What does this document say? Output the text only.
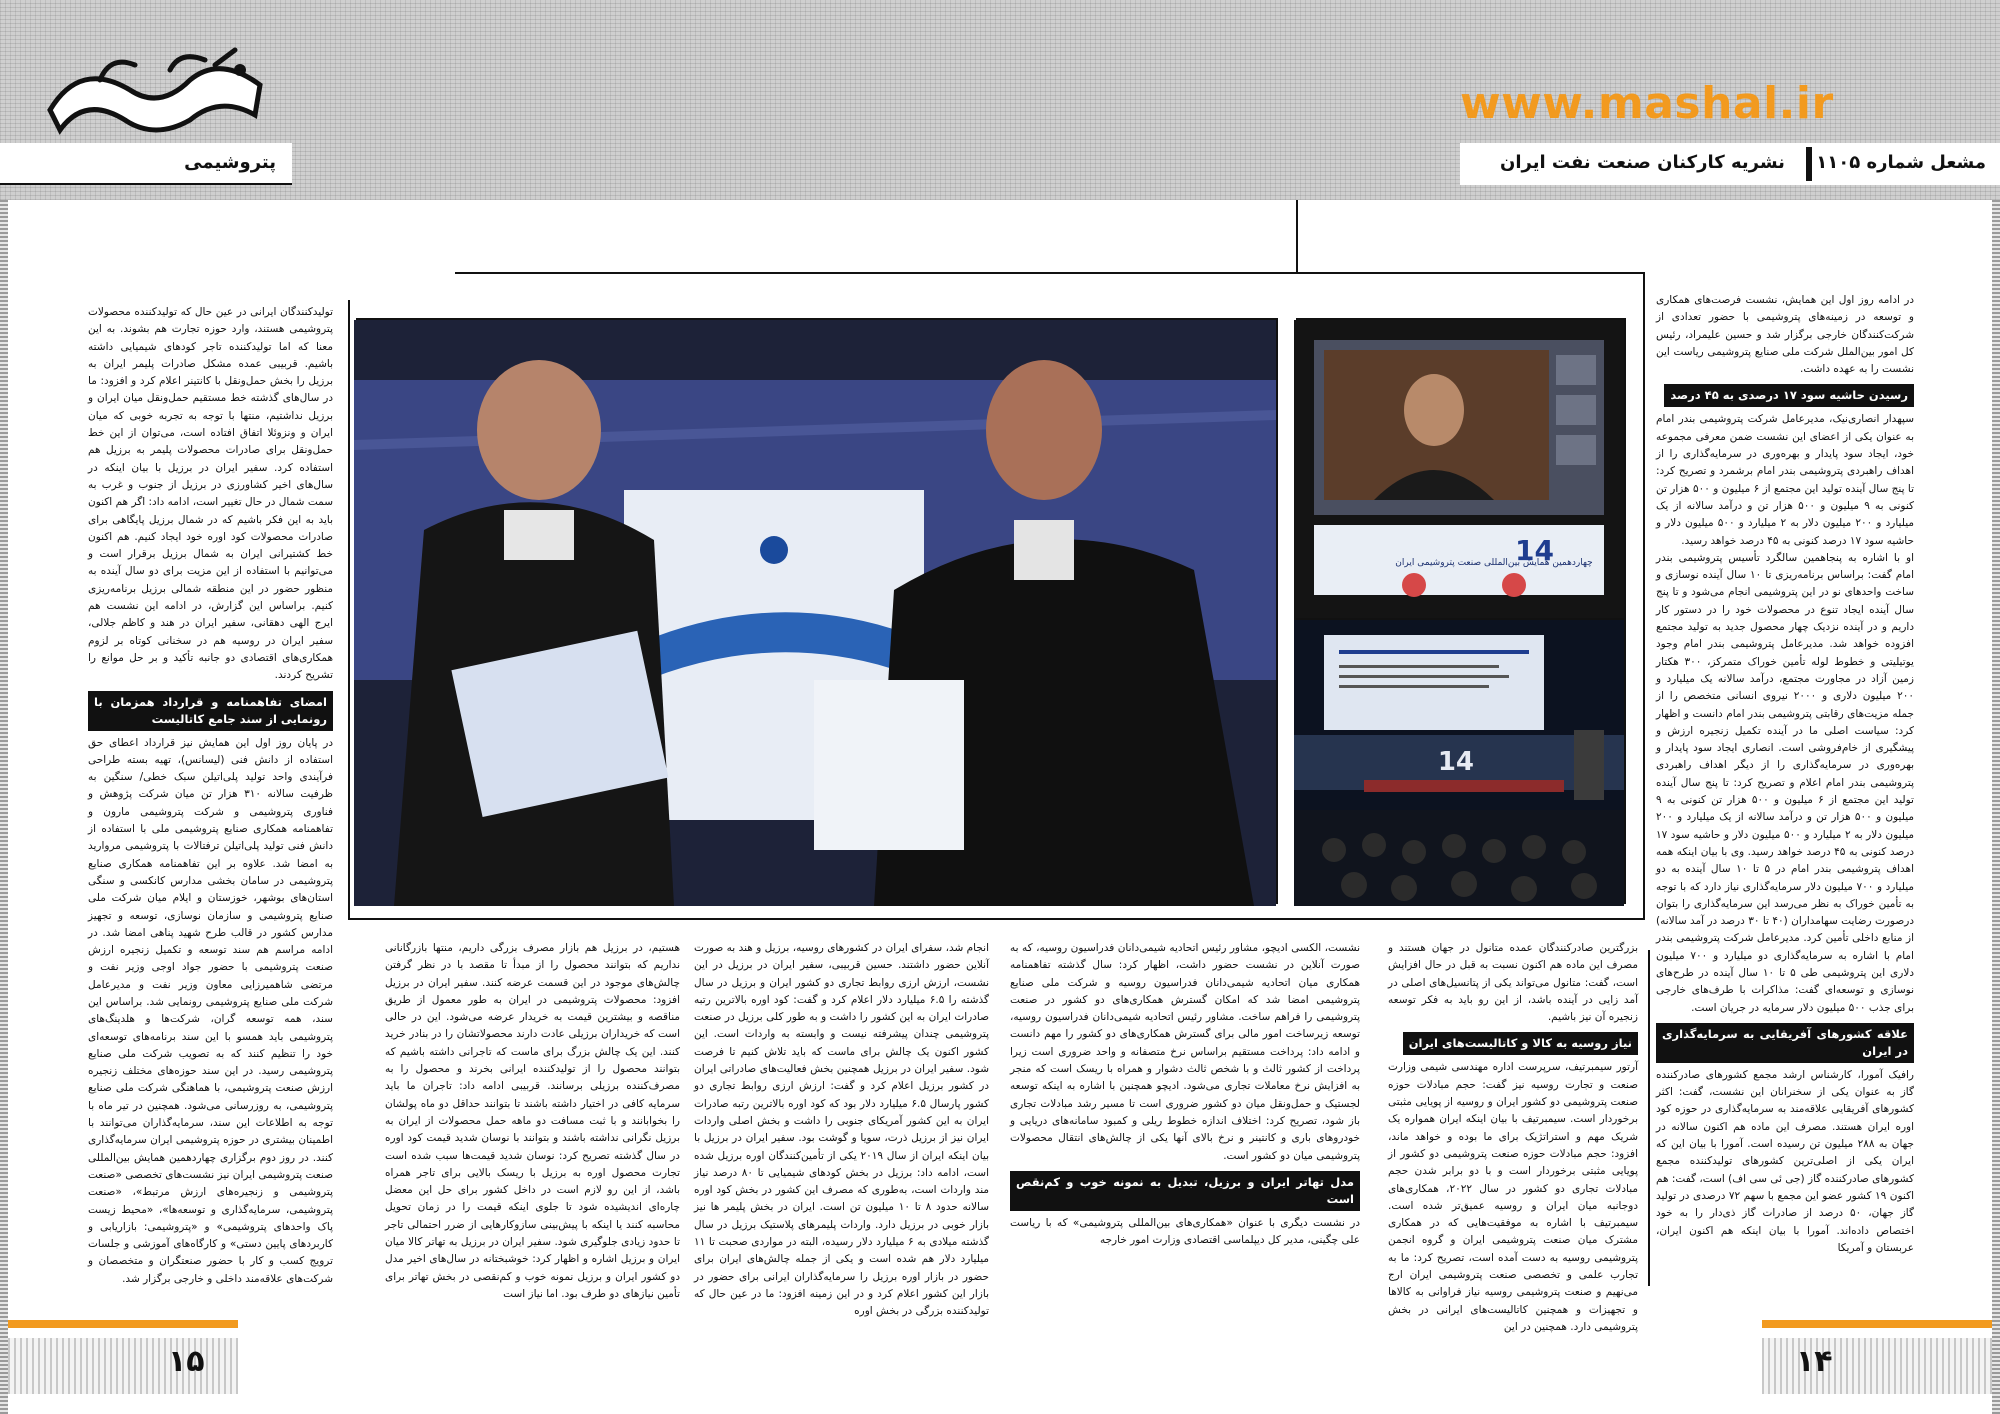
www.mashal.ir
پتروشیمی	نشریه کارکنان صنعت نفت ایران مشعل شماره ۱۱۰۵
چهاردهمین همایش بین‌المللی صنعت پتروشیمی ایران
14
14

در ادامه روز اول این همایش، نشست فرصت‌های همکاری و توسعه در زمینه‌های پتروشیمی با حضور تعدادی از شرکت‌کنندگان خارجی برگزار شد و حسین علیمراد، رئیس کل امور بین‌الملل شرکت ملی صنایع پتروشیمی ریاست این نشست را به عهده داشت.

رسیدن حاشیه سود ۱۷ درصدی به ۴۵ درصد

سپهدار انصاری‌نیک، مدیرعامل شرکت پتروشیمی بندر امام به عنوان یکی از اعضای این نشست ضمن معرفی مجموعه خود، ایجاد سود پایدار و بهره‌وری در سرمایه‌گذاری را از اهداف راهبردی پتروشیمی بندر امام برشمرد و تصریح کرد: تا پنج سال آینده تولید این مجتمع از ۶ میلیون و ۵۰۰ هزار تن کنونی به ۹ میلیون و ۵۰۰ هزار تن و درآمد سالانه از یک میلیارد و ۲۰۰ میلیون دلار به ۲ میلیارد و ۵۰۰ میلیون دلار و حاشیه سود ۱۷ درصد کنونی به ۴۵ درصد خواهد رسید.

او با اشاره به پنجاهمین سالگرد تأسیس پتروشیمی بندر امام گفت: براساس برنامه‌ریزی تا ۱۰ سال آینده نوسازی و ساخت واحدهای نو در این پتروشیمی انجام می‌شود و تا پنج سال آینده ایجاد تنوع در محصولات خود را در دستور کار داریم و در آینده نزدیک چهار محصول جدید به تولید مجتمع افزوده خواهد شد. مدیرعامل پتروشیمی بندر امام وجود یوتیلیتی و خطوط لوله تأمین خوراک متمرکز، ۳۰۰ هکتار زمین آزاد در مجاورت مجتمع، درآمد سالانه یک میلیارد و ۲۰۰ میلیون دلاری و ۲۰۰۰ نیروی انسانی متخصص را از جمله مزیت‌های رقابتی پتروشیمی بندر امام دانست و اظهار کرد: سیاست اصلی ما در آینده تکمیل زنجیره ارزش و پیشگیری از خام‌فروشی است. انصاری ایجاد سود پایدار و بهره‌وری در سرمایه‌گذاری را از دیگر اهداف راهبردی پتروشیمی بندر امام اعلام و تصریح کرد: تا پنج سال آینده تولید این مجتمع از ۶ میلیون و ۵۰۰ هزار تن کنونی به ۹ میلیون و ۵۰۰ هزار تن و درآمد سالانه از یک میلیارد و ۲۰۰ میلیون دلار به ۲ میلیارد و ۵۰۰ میلیون دلار و حاشیه سود ۱۷ درصد کنونی به ۴۵ درصد خواهد رسید. وی با بیان اینکه همه اهداف پتروشیمی بندر امام در ۵ تا ۱۰ سال آینده به دو میلیارد و ۷۰۰ میلیون دلار سرمایه‌گذاری نیاز دارد که با توجه به تأمین خوراک به نظر می‌رسد این سرمایه‌گذاری را بتوان درصورت رضایت سهامداران (۴۰ تا ۳۰ درصد در آمد سالانه) از منابع داخلی تأمین کرد. مدیرعامل شرکت پتروشیمی بندر امام با اشاره به سرمایه‌گذاری دو میلیارد و ۷۰۰ میلیون دلاری این پتروشیمی طی ۵ تا ۱۰ سال آینده در طرح‌های نوسازی و توسعه‌ای گفت: مذاکرات با طرف‌های خارجی برای جذب ۵۰۰ میلیون دلار سرمایه در جریان است.

علاقه کشورهای آفریقایی به سرمایه‌گذاری در ایران

رافیک آمورا، کارشناس ارشد مجمع کشورهای صادرکننده گاز به عنوان یکی از سخنرانان این نشست، گفت: اکثر کشورهای آفریقایی علاقه‌مند به سرمایه‌گذاری در حوزه کود اوره ایران هستند. مصرف این ماده هم اکنون سالانه در جهان به ۲۸۸ میلیون تن رسیده است. آمورا با بیان این که ایران یکی از اصلی‌ترین کشورهای تولیدکننده مجمع کشورهای صادرکننده گاز (جی ئی سی اف) است، گفت: هم اکنون ۱۹ کشور عضو این مجمع با سهم ۷۲ درصدی در تولید گاز جهان، ۵۰ درصد از صادرات گاز ذی‌دار را به خود اختصاص داده‌اند. آمورا با بیان اینکه هم اکنون ایران، عربستان و آمریکا

بزرگترین صادرکنندگان عمده متانول در جهان هستند و مصرف این ماده هم اکنون نسبت به قبل در حال افزایش است، گفت: متانول می‌تواند یکی از پتانسیل‌های اصلی در آمد زایی در آینده باشد، از این رو باید به فکر توسعه زنجیره آن نیز باشیم.

نیاز روسیه به کالا و کاتالیست‌های ایران

آرتور سیمبرتیف، سرپرست اداره مهندسی شیمی وزارت صنعت و تجارت روسیه نیز گفت: حجم مبادلات حوزه صنعت پتروشیمی دو کشور ایران و روسیه از پویایی مثبتی برخوردار است. سیمبرتیف با بیان اینکه ایران همواره یک شریک مهم و استراتژیک برای ما بوده و خواهد ماند، افزود: حجم مبادلات حوزه صنعت پتروشیمی دو کشور از پویایی مثبتی برخوردار است و با دو برابر شدن حجم مبادلات تجاری دو کشور در سال ۲۰۲۲، همکاری‌های دوجانبه میان ایران و روسیه عمیق‌تر شده است. سیمبرتیف با اشاره به موفقیت‌هایی که در همکاری مشترک میان صنعت پتروشیمی ایران و گروه انجمن پتروشیمی روسیه به دست آمده است، تصریح کرد: ما به تجارب علمی و تخصصی صنعت پتروشیمی ایران ارج می‌نهیم و صنعت پتروشیمی روسیه نیاز فراوانی به کالاها و تجهیزات و همچنین کاتالیست‌های ایرانی در بخش پتروشیمی دارد. همچنین در این

نشست، الکسی ادیچو، مشاور رئیس اتحادیه شیمی‌دانان فدراسیون روسیه، که به صورت آنلاین در نشست حضور داشت، اظهار کرد: سال گذشته تفاهمنامه همکاری میان اتحادیه شیمی‌دانان فدراسیون روسیه و شرکت ملی صنایع پتروشیمی امضا شد که امکان گسترش همکاری‌های دو کشور در صنعت پتروشیمی را فراهم ساخت. مشاور رئیس اتحادیه شیمی‌دانان فدراسیون روسیه، توسعه زیرساخت امور مالی برای گسترش همکاری‌های دو کشور را مهم دانست و ادامه داد: پرداخت مستقیم براساس نرخ متصفانه و واحد ضروری است زیرا پرداخت از کشور ثالث و با شخص ثالث دشوار و همراه با ریسک است که منجر به افزایش نرخ معاملات تجاری می‌شود. ادیچو همچنین با اشاره به اینکه توسعه لجستیک و حمل‌ونقل میان دو کشور ضروری است تا مسیر رشد مبادلات تجاری باز شود، تصریح کرد: اختلاف اندازه خطوط ریلی و کمبود سامانه‌های دریایی و خودروهای باری و کانتینر و نرخ بالای آنها یکی از چالش‌های انتقال محصولات پتروشیمی میان دو کشور است.

مدل تهاتر ایران و برزیل، تبدیل به نمونه خوب و کم‌نقص است

در نشست دیگری با عنوان «همکاری‌های بین‌المللی پتروشیمی» که با ریاست علی چگینی، مدیر کل دیپلماسی اقتصادی وزارت امور خارجه

انجام شد، سفرای ایران در کشورهای روسیه، برزیل و هند به صورت آنلاین حضور داشتند. حسین قربیبی، سفیر ایران در برزیل در این نشست، ارزش ارزی روابط تجاری دو کشور ایران و برزیل در سال گذشته را ۶.۵ میلیارد دلار اعلام کرد و گفت: کود اوره بالاترین رتبه صادرات ایران به این کشور را داشت و به طور کلی برزیل در صنعت پتروشیمی چندان پیشرفته نیست و وابسته به واردات است. این کشور اکنون یک چالش برای ماست که باید تلاش کنیم تا فرصت شود. سفیر ایران در برزیل همچنین بخش فعالیت‌های صادراتی ایران در کشور برزیل اعلام کرد و گفت: ارزش ارزی روابط تجاری دو کشور پارسال ۶.۵ میلیارد دلار بود که کود اوره بالاترین رتبه صادرات ایران به این کشور آمریکای جنوبی را داشت و بخش اصلی واردات ایران نیز از برزیل ذرت، سویا و گوشت بود. سفیر ایران در برزیل با بیان اینکه ایران از سال ۲۰۱۹ یکی از تأمین‌کنندگان اوره برزیل شده است، ادامه داد: برزیل در بخش کودهای شیمیایی تا ۸۰ درصد نیاز مند واردات است، به‌طوری که مصرف این کشور در بخش کود اوره سالانه حدود ۸ تا ۱۰ میلیون تن است. ایران در بخش پلیمر ها نیز بازار خوبی در برزیل دارد. واردات پلیمرهای پلاستیک برزیل در سال گذشته میلادی به ۶ میلیارد دلار رسیده، البته در مواردی صحبت تا ۱۱ میلیارد دلار هم شده است و یکی از جمله چالش‌های ایران برای حضور در بازار اوره برزیل را سرمایه‌گذاران ایرانی برای حضور در بازار این کشور اعلام کرد و در این زمینه افزود: ما در عین حال که تولیدکننده بزرگی در بخش اوره

هستیم، در برزیل هم بازار مصرف بزرگی داریم، منتها بازرگانانی نداریم که بتوانند محصول را از مبدأ تا مقصد با در نظر گرفتن چالش‌های موجود در این قسمت عرضه کنند. سفیر ایران در برزیل افزود: محصولات پتروشیمی در ایران به طور معمول از طریق مناقصه و بیشترین قیمت به خریدار عرضه می‌شود. این در حالی است که خریداران برزیلی عادت دارند محصولاتشان را در بنادر خرید کنند. این یک چالش بزرگ برای ماست که تاجرانی داشته باشیم که بتوانند محصول را از تولیدکننده ایرانی بخرند و محصول را به مصرف‌کننده برزیلی برسانند. قربیبی ادامه داد: تاجران ما باید سرمایه کافی در اختیار داشته باشند تا بتوانند حداقل دو ماه پولشان را بخوابانند و با ثبت مسافت دو ماهه حمل محصولات از ایران به برزیل نگرانی نداشته باشند و بتوانند با نوسان شدید قیمت کود اوره در سال گذشته تصریح کرد: نوسان شدید قیمت‌ها سبب شده است تجارت محصول اوره به برزیل با ریسک بالایی برای تاجر همراه باشد، از این رو لازم است در داخل کشور برای حل این معضل چاره‌ای اندیشیده شود تا جلوی اینکه قیمت را در زمان تحویل محاسبه کنند یا اینکه با پیش‌بینی سازوکارهایی از ضرر احتمالی تاجر تا حدود زیادی جلوگیری شود. سفیر ایران در برزیل به تهاتر کالا میان ایران و برزیل اشاره و اظهار کرد: خوشبختانه در سال‌های اخیر مدل دو کشور ایران و برزیل نمونه خوب و کم‌نقصی در بخش تهاتر برای تأمین نیازهای دو طرف بود. اما نیاز است

تولیدکنندگان ایرانی در عین حال که تولیدکننده محصولات پتروشیمی هستند، وارد حوزه تجارت هم بشوند. به این معنا که اما تولیدکننده تاجر کودهای شیمیایی داشته باشیم. قربیبی عمده مشکل صادرات پلیمر ایران به برزیل را بخش حمل‌ونقل با کانتینر اعلام کرد و افزود: ما در سال‌های گذشته خط مستقیم حمل‌ونقل میان ایران و برزیل نداشتیم، منتها با توجه به تجربه خوبی که میان ایران و ونزوئلا اتفاق افتاده است، می‌توان از این خط حمل‌ونقل برای صادرات محصولات پلیمر به برزیل هم استفاده کرد. سفیر ایران در برزیل با بیان اینکه در سال‌های اخیر کشاورزی در برزیل از جنوب و غرب به سمت شمال در حال تغییر است، ادامه داد: اگر هم اکنون باید به این فکر باشیم که در شمال برزیل پایگاهی برای صادرات محصولات کود اوره خود ایجاد کنیم. هم اکنون خط کشتیرانی ایران به شمال برزیل برقرار است و می‌توانیم با استفاده از این مزیت برای دو سال آینده به منظور حضور در این منطقه شمالی برزیل برنامه‌ریزی کنیم. براساس این گزارش، در ادامه این نشست هم ایرج الهی دهقانی، سفیر ایران در هند و کاظم جلالی، سفیر ایران در روسیه هم در سخنانی کوتاه بر لزوم همکاری‌های اقتصادی دو جانبه تأکید و بر حل موانع را تشریح کردند.

امضای تفاهمنامه و قرارداد همزمان با رونمایی از سند جامع کاتالیست

در پایان روز اول این همایش نیز قرارداد اعطای حق استفاده از دانش فنی (لیسانس)، تهیه بسته طراحی فرآیندی واحد تولید پلی‌اتیلن سبک خطی/ سنگین به ظرفیت سالانه ۳۱۰ هزار تن میان شرکت پژوهش و فناوری پتروشیمی و شرکت پتروشیمی مارون و تفاهمنامه همکاری صنایع پتروشیمی ملی با استفاده از دانش فنی تولید پلی‌اتیلن ترفتالات با پتروشیمی مروارید به امضا شد. علاوه بر این تفاهمنامه همکاری صنایع پتروشیمی در سامان بخشی مدارس کانکسی و سنگی استان‌های بوشهر، خوزستان و ایلام میان شرکت ملی صنایع پتروشیمی و سازمان نوسازی، توسعه و تجهیز مدارس کشور در قالب طرح شهید پناهی امضا شد. در ادامه مراسم هم سند توسعه و تکمیل زنجیره ارزش صنعت پتروشیمی با حضور جواد اوجی وزیر نفت و مرتضی شاهمیرزایی معاون وزیر نفت و مدیرعامل شرکت ملی صنایع پتروشیمی رونمایی شد. براساس این سند، همه توسعه گران، شرکت‌ها و هلدینگ‌های پتروشیمی باید همسو با این سند برنامه‌های توسعه‌ای خود را تنظیم کنند که به تصویب شرکت ملی صنایع پتروشیمی رسید. در این سند حوزه‌های مختلف زنجیره ارزش صنعت پتروشیمی، با هماهنگی شرکت ملی صنایع پتروشیمی، به روزرسانی می‌شود. همچنین در تیر ماه با توجه به اطلاعات این سند، سرمایه‌گذاران می‌توانند با اطمینان بیشتری در حوزه پتروشیمی ایران سرمایه‌گذاری کنند. در روز دوم برگزاری چهاردهمین همایش بین‌المللی صنعت پتروشیمی ایران نیز نشست‌های تخصصی «صنعت پتروشیمی و زنجیره‌های ارزش مرتبط»، «صنعت پتروشیمی، سرمایه‌گذاری و توسعه‌ها»، «محیط زیست پاک واحدهای پتروشیمی» و «پتروشیمی: بازاریابی و کاربردهای پایین دستی» و کارگاه‌های آموزشی و جلسات ترویج کسب و کار با حضور صنعتگران و متخصصان و شرکت‌های علاقه‌مند داخلی و خارجی برگزار شد.

۱۵	۱۴
